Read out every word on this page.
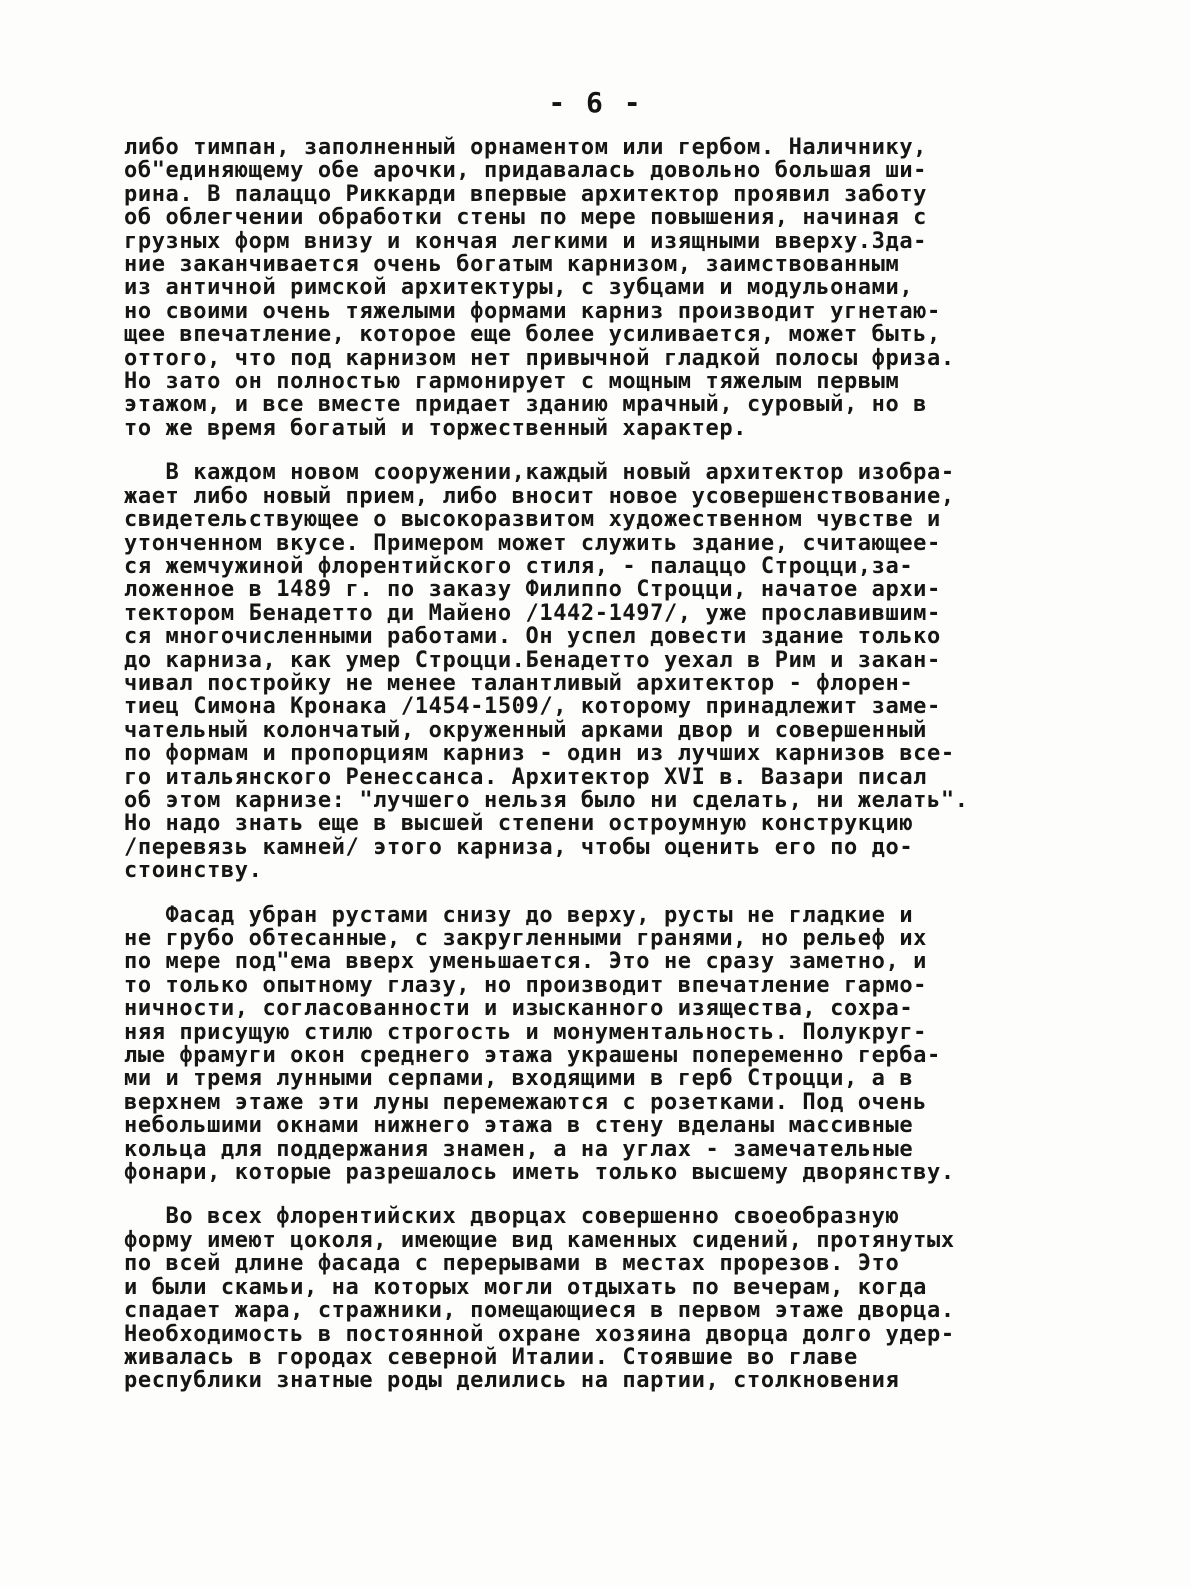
- 6 -
либо тимпан, заполненный орнаментом или гербом. Наличнику,
об"единяющему обе арочки, придавалась довольно большая ши-
рина. В палаццо Риккарди впервые архитектор проявил заботу
об облегчении обработки стены по мере повышения, начиная с
грузных форм внизу и кончая легкими и изящными вверху.Зда-
ние заканчивается очень богатым карнизом, заимствованным
из античной римской архитектуры, с зубцами и модульонами,
но своими очень тяжелыми формами карниз производит угнетаю-
щее впечатление, которое еще более усиливается, может быть,
оттого, что под карнизом нет привычной гладкой полосы фриза.
Но зато он полностью гармонирует с мощным тяжелым первым
этажом, и все вместе придает зданию мрачный, суровый, но в
то же время богатый и торжественный характер.
В каждом новом сооружении,каждый новый архитектор изобра-
жает либо новый прием, либо вносит новое усовершенствование,
свидетельствующее о высокоразвитом художественном чувстве и
утонченном вкусе. Примером может служить здание, считающее-
ся жемчужиной флорентийского стиля, - палаццо Строцци,за-
ложенное в 1489 г. по заказу Филиппо Строцци, начатое архи-
тектором Бенадетто ди Майено /1442-1497/, уже прославившим-
ся многочисленными работами. Он успел довести здание только
до карниза, как умер Строцци.Бенадетто уехал в Рим и закан-
чивал постройку не менее талантливый архитектор - флорен-
тиец Симона Кронака /1454-1509/, которому принадлежит заме-
чательный колончатый, окруженный арками двор и совершенный
по формам и пропорциям карниз - один из лучших карнизов все-
го итальянского Ренессанса. Архитектор XVI в. Вазари писал
об этом карнизе: "лучшего нельзя было ни сделать, ни желать".
Но надо знать еще в высшей степени остроумную конструкцию
/перевязь камней/ этого карниза, чтобы оценить его по до-
стоинству.
Фасад убран рустами снизу до верху, русты не гладкие и
не грубо обтесанные, с закругленными гранями, но рельеф их
по мере под"ема вверх уменьшается. Это не сразу заметно, и
то только опытному глазу, но производит впечатление гармо-
ничности, согласованности и изысканного изящества, сохра-
няя присущую стилю строгость и монументальность. Полукруг-
лые фрамуги окон среднего этажа украшены попеременно герба-
ми и тремя лунными серпами, входящими в герб Строцци, а в
верхнем этаже эти луны перемежаются с розетками. Под очень
небольшими окнами нижнего этажа в стену вделаны массивные
кольца для поддержания знамен, а на углах - замечательные
фонари, которые разрешалось иметь только высшему дворянству.
Во всех флорентийских дворцах совершенно своеобразную
форму имеют цоколя, имеющие вид каменных сидений, протянутых
по всей длине фасада с перерывами в местах прорезов. Это
и были скамьи, на которых могли отдыхать по вечерам, когда
спадает жара, стражники, помещающиеся в первом этаже дворца.
Необходимость в постоянной охране хозяина дворца долго удер-
живалась в городах северной Италии. Стоявшие во главе
республики знатные роды делились на партии, столкновения
